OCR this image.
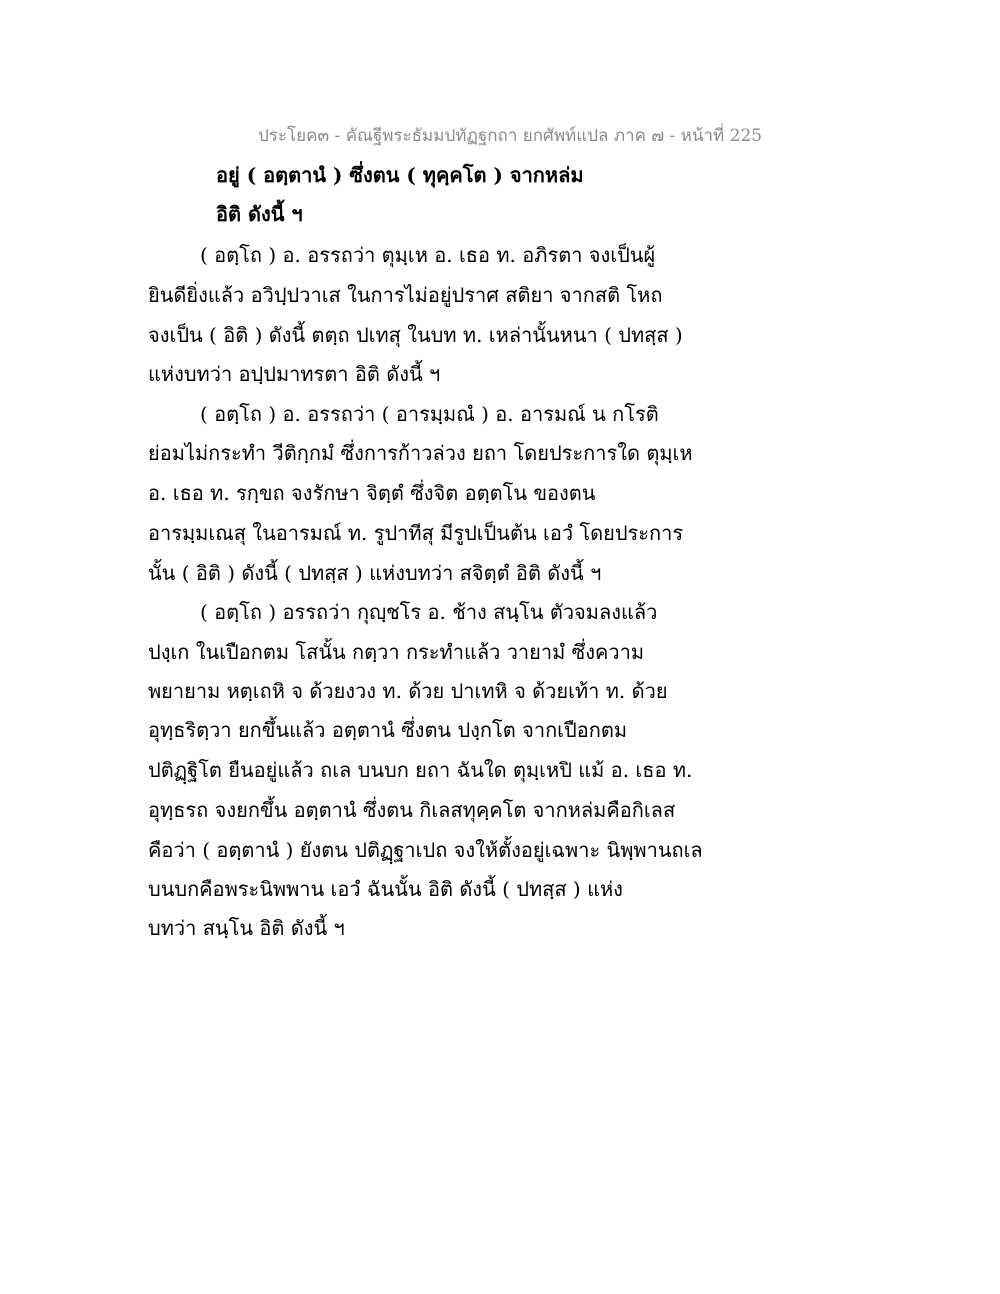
ประโยค๓ - คัณฐีพระธัมมปทัฏฐกถา ยกศัพท์แปล ภาค ๗ - หน้าที่ 225
อยู่ ( อตฺตานํ ) ซึ่งตน ( ทุคฺคโต ) จากหล่ม
อิติ ดังนี้ ฯ
( อตฺโถ ) อ. อรรถว่า ตุมฺเห อ. เธอ ท. อภิรตา จงเป็นผู้
ยินดียิ่งแล้ว อวิปฺปวาเส ในการไม่อยู่ปราศ สติยา จากสติ โหถ
จงเป็น ( อิติ ) ดังนี้ ตตฺถ ปเทสุ ในบท ท. เหล่านั้นหนา ( ปทสฺส )
แห่งบทว่า อปฺปมาทรตา อิติ ดังนี้ ฯ
( อตฺโถ ) อ. อรรถว่า ( อารมฺมณํ ) อ. อารมณ์ น กโรติ
ย่อมไม่กระทำ วีติกฺกมํ ซึ่งการก้าวล่วง ยถา โดยประการใด ตุมฺเห
อ. เธอ ท. รกฺขถ จงรักษา จิตฺตํ ซึ่งจิต อตฺตโน ของตน
อารมฺมเณสุ ในอารมณ์ ท. รูปาทีสุ มีรูปเป็นต้น เอวํ โดยประการ
นั้น ( อิติ ) ดังนี้ ( ปทสฺส ) แห่งบทว่า สจิตฺตํ อิติ ดังนี้ ฯ
( อตฺโถ ) อรรถว่า กุญฺชโร อ. ช้าง สนฺโน ตัวจมลงแล้ว
ปงฺเก ในเปือกตม โสนั้น กตฺวา กระทำแล้ว วายามํ ซึ่งความ
พยายาม หตฺเถหิ จ ด้วยงวง ท. ด้วย ปาเทหิ จ ด้วยเท้า ท. ด้วย
อุทฺธริตฺวา ยกขึ้นแล้ว อตฺตานํ ซึ่งตน ปงฺกโต จากเปือกตม
ปติฏฺฐิโต ยืนอยู่แล้ว ถเล บนบก ยถา ฉันใด ตุมฺเหปิ แม้ อ. เธอ ท.
อุทฺธรถ จงยกขึ้น อตฺตานํ ซึ่งตน กิเลสทุคฺคโต จากหล่มคือกิเลส
คือว่า ( อตฺตานํ ) ยังตน ปติฏฺฐาเปถ จงให้ตั้งอยู่เฉพาะ นิพฺพานถเล
บนบกคือพระนิพพาน เอวํ ฉันนั้น อิติ ดังนี้ ( ปทสฺส ) แห่ง
บทว่า สนฺโน อิติ ดังนี้ ฯ
